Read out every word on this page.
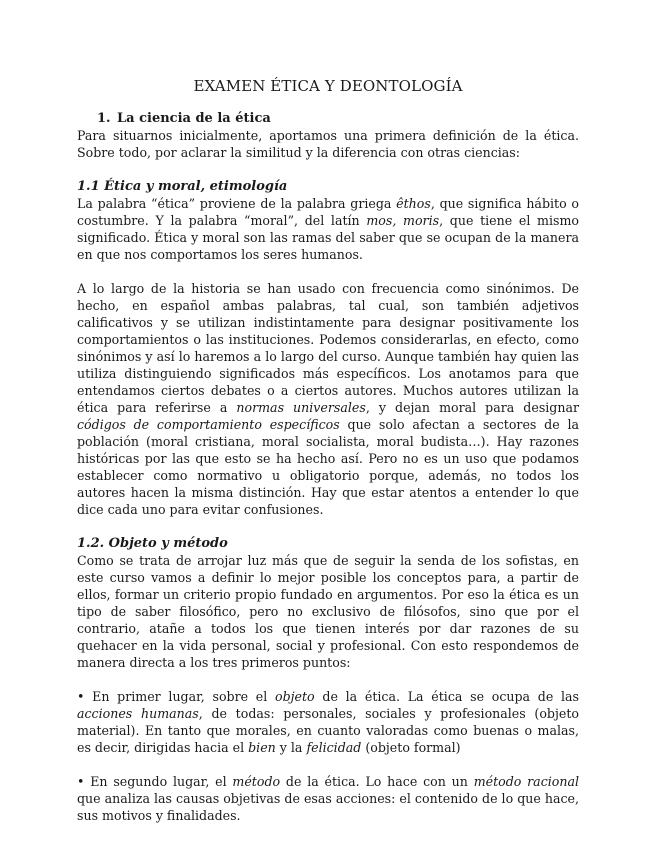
EXAMEN ÉTICA Y DEONTOLOGÍA
1. La ciencia de la ética

Para situarnos inicialmente, aportamos una primera definición de la ética. Sobre todo, por aclarar la similitud y la diferencia con otras ciencias:

1.1 Ética y moral, etimología

La palabra “ética” proviene de la palabra griega êthos, que significa hábito o costumbre. Y la palabra “moral”, del latín mos, moris, que tiene el mismo significado. Ética y moral son las ramas del saber que se ocupan de la manera en que nos comportamos los seres humanos.

A lo largo de la historia se han usado con frecuencia como sinónimos. De hecho, en español ambas palabras, tal cual, son también adjetivos calificativos y se utilizan indistintamente para designar positivamente los comportamientos o las instituciones. Podemos considerarlas, en efecto, como sinónimos y así lo haremos a lo largo del curso. Aunque también hay quien las utiliza distinguiendo significados más específicos. Los anotamos para que entendamos ciertos debates o a ciertos autores. Muchos autores utilizan la ética para referirse a normas universales, y dejan moral para designar códigos de comportamiento específicos que solo afectan a sectores de la población (moral cristiana, moral socialista, moral budista…). Hay razones históricas por las que esto se ha hecho así. Pero no es un uso que podamos establecer como normativo u obligatorio porque, además, no todos los autores hacen la misma distinción. Hay que estar atentos a entender lo que dice cada uno para evitar confusiones.

1.2. Objeto y método

Como se trata de arrojar luz más que de seguir la senda de los sofistas, en este curso vamos a definir lo mejor posible los conceptos para, a partir de ellos, formar un criterio propio fundado en argumentos. Por eso la ética es un tipo de saber filosófico, pero no exclusivo de filósofos, sino que por el contrario, atañe a todos los que tienen interés por dar razones de su quehacer en la vida personal, social y profesional. Con esto respondemos de manera directa a los tres primeros puntos:

• En primer lugar, sobre el objeto de la ética. La ética se ocupa de las acciones humanas, de todas: personales, sociales y profesionales (objeto material). En tanto que morales, en cuanto valoradas como buenas o malas, es decir, dirigidas hacia el bien y la felicidad (objeto formal)

• En segundo lugar, el método de la ética. Lo hace con un método racional que analiza las causas objetivas de esas acciones: el contenido de lo que hace, sus motivos y finalidades.
